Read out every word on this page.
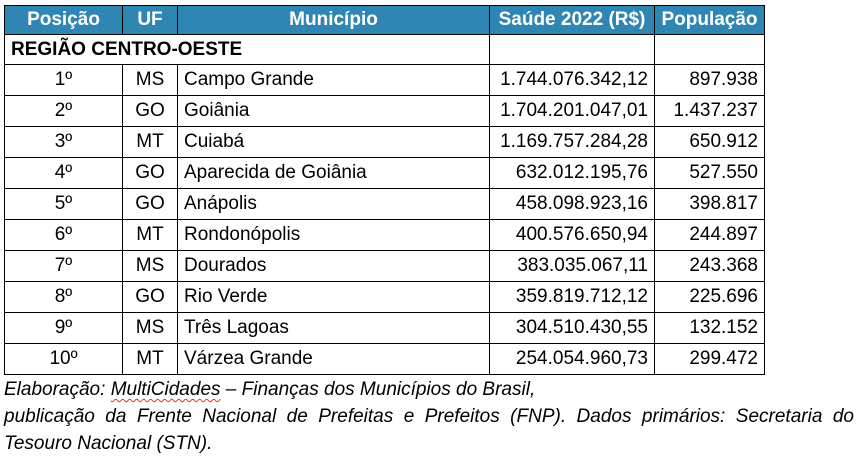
REGIÃO CENTRO-OESTE				
Posição	UF	Município	Saúde 2022 (R$)	População
1º	MS	Campo Grande	1.744.076.342,12	897.938
2º	GO	Goiânia	1.704.201.047,01	1.437.237
3º	MT	Cuiabá	1.169.757.284,28	650.912
4º	GO	Aparecida de Goiânia	632.012.195,76	527.550
5º	GO	Anápolis	458.098.923,16	398.817
6º	MT	Rondonópolis	400.576.650,94	244.897
7º	MS	Dourados	383.035.067,11	243.368
8º	GO	Rio Verde	359.819.712,12	225.696
9º	MS	Três Lagoas	304.510.430,55	132.152
10º	MT	Várzea Grande	254.054.960,73	299.472
Elaboração: MultiCidades – Finanças dos Municípios do Brasil,
publicação da Frente Nacional de Prefeitas e Prefeitos (FNP). Dados primários: Secretaria do
Tesouro Nacional (STN).
